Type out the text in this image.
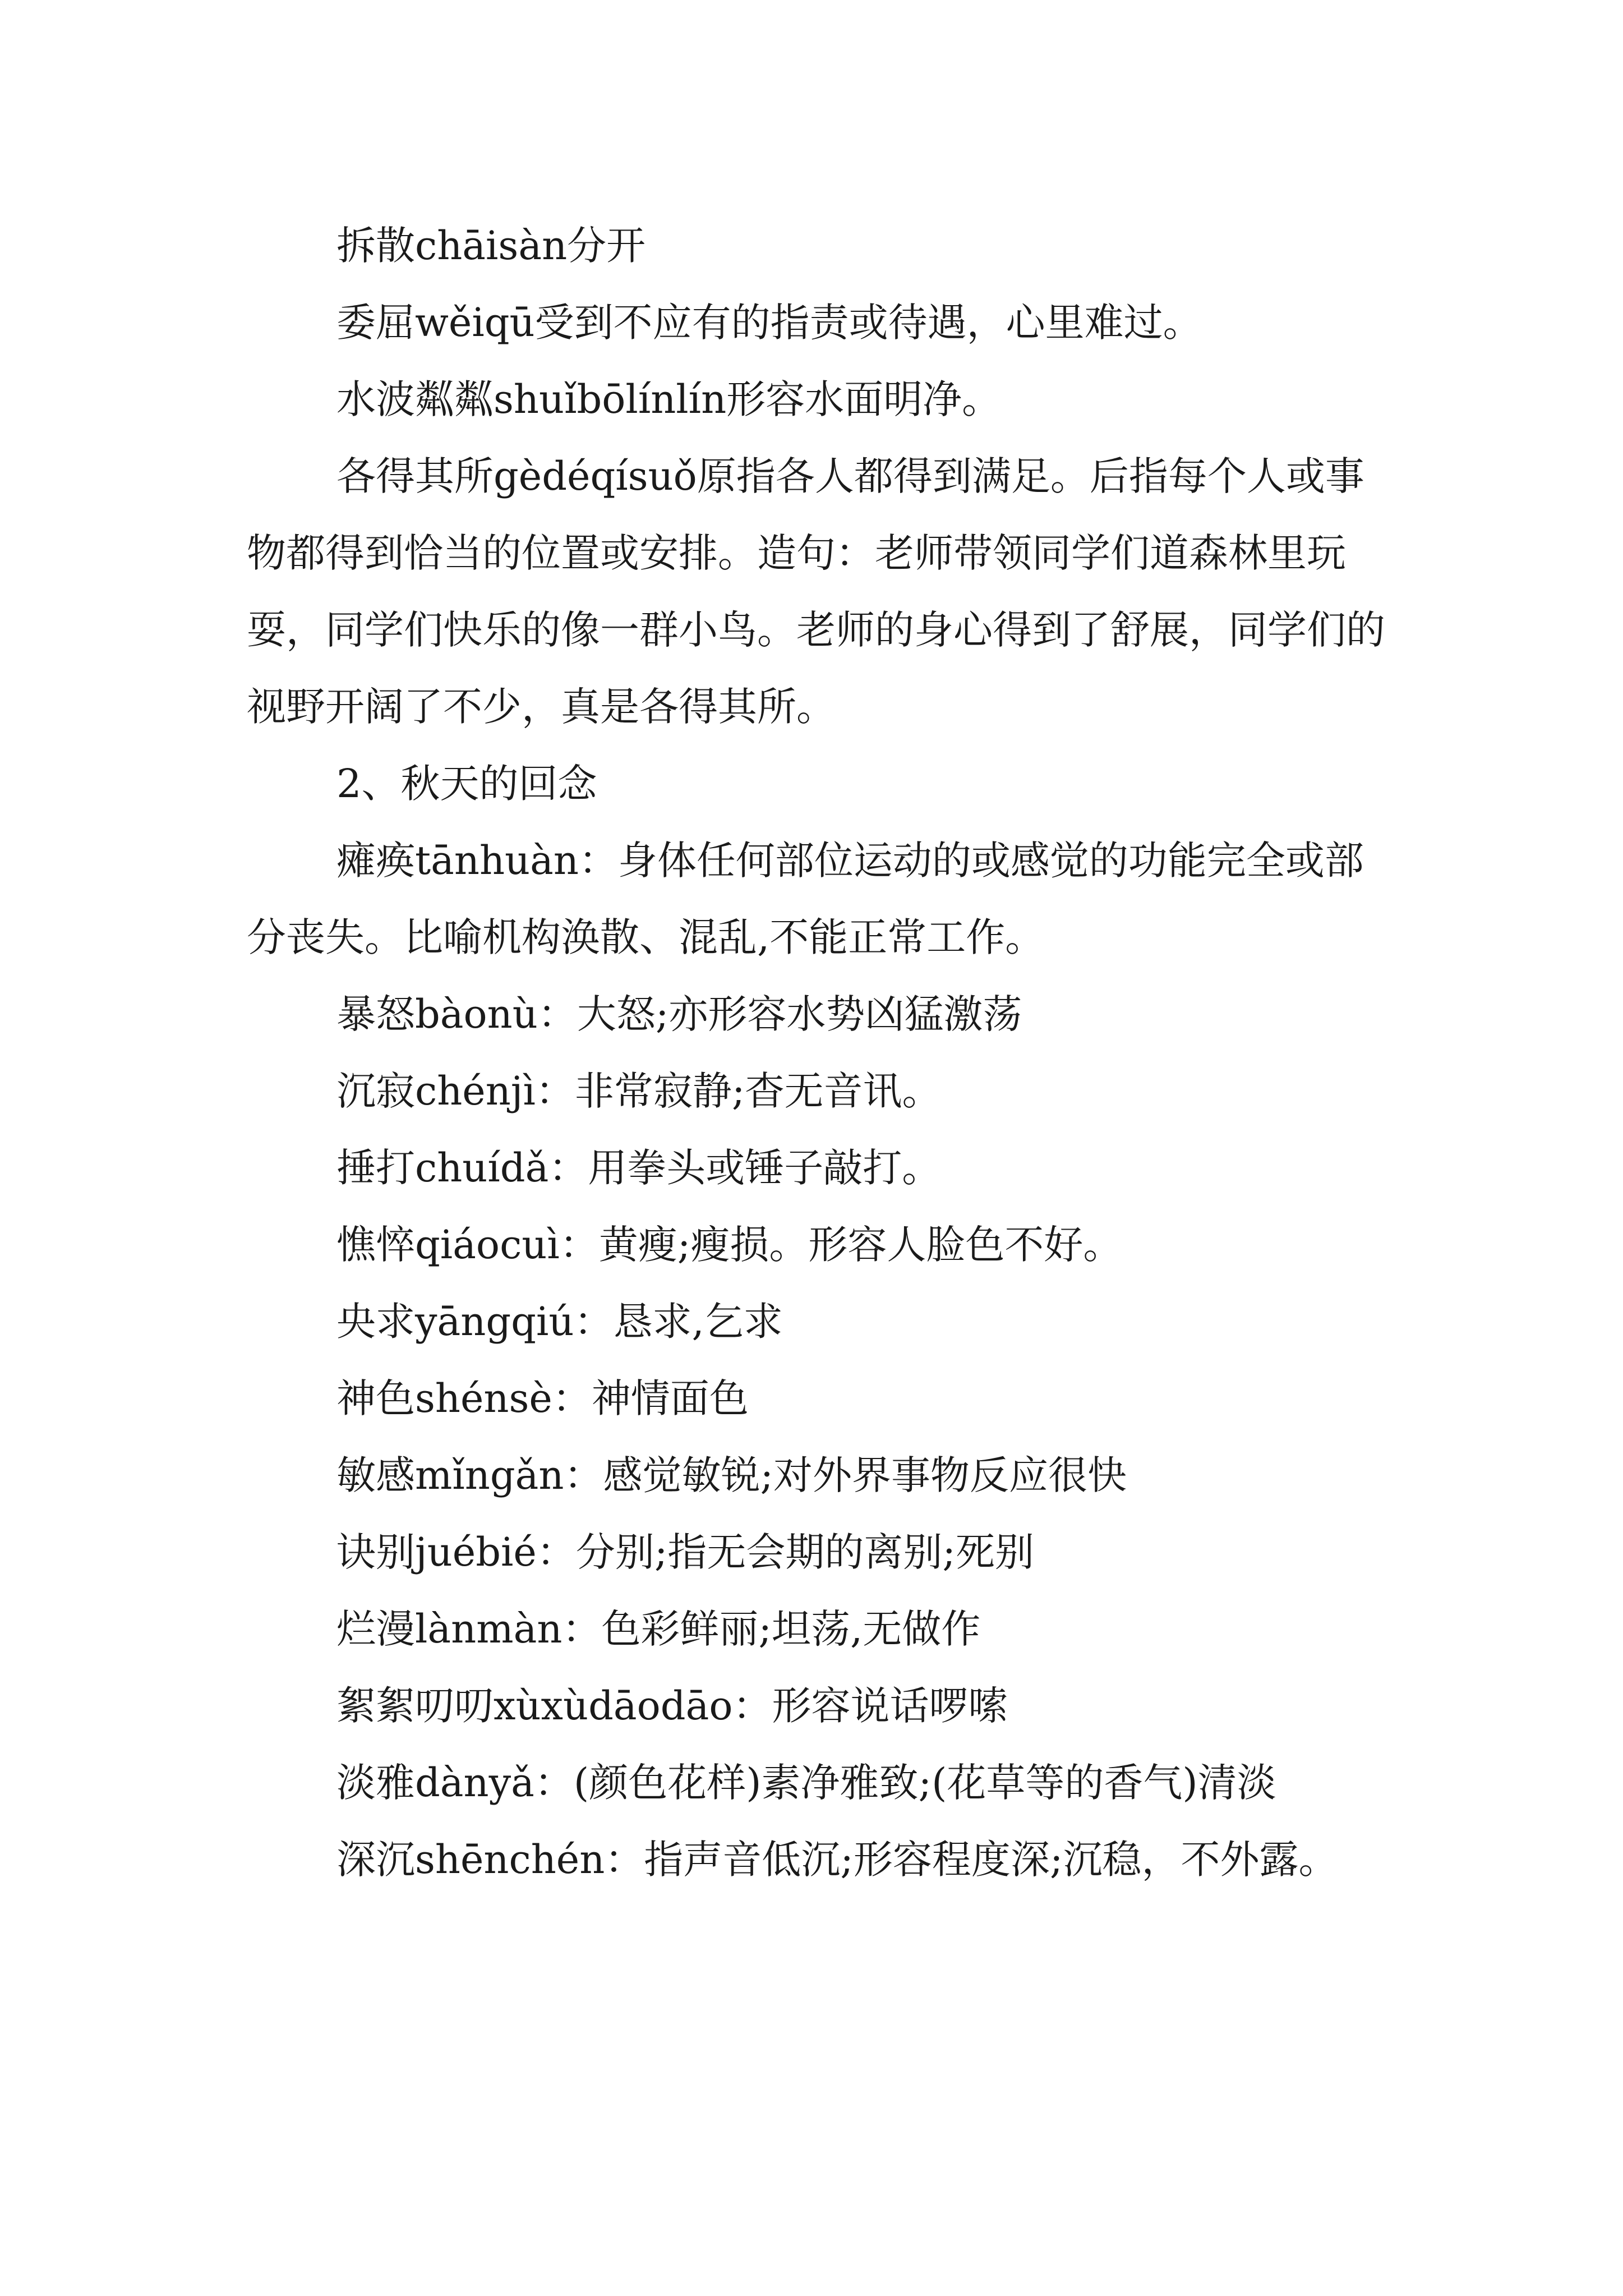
拆散chāisàn分开

委屈wěiqū受到不应有的指责或待遇，心里难过。

水波粼粼shuǐbōlínlín形容水面明净。

各得其所gèdéqísuǒ原指各人都得到满足。后指每个人或事物都得到恰当的位置或安排。造句：老师带领同学们道森林里玩耍，同学们快乐的像一群小鸟。老师的身心得到了舒展，同学们的视野开阔了不少，真是各得其所。

2、秋天的回念

瘫痪tānhuàn：身体任何部位运动的或感觉的功能完全或部分丧失。比喻机构涣散、混乱,不能正常工作。

暴怒bàonù：大怒;亦形容水势凶猛激荡

沉寂chénjì：非常寂静;杳无音讯。

捶打chuídǎ：用拳头或锤子敲打。

憔悴qiáocuì：黄瘦;瘦损。形容人脸色不好。

央求yāngqiú：恳求,乞求

神色shénsè：神情面色

敏感mǐngǎn：感觉敏锐;对外界事物反应很快

诀别juébié：分别;指无会期的离别;死别

烂漫lànmàn：色彩鲜丽;坦荡,无做作

絮絮叨叨xùxùdāodāo：形容说话啰嗦

淡雅dànyǎ：(颜色花样)素净雅致;(花草等的香气)清淡

深沉shēnchén：指声音低沉;形容程度深;沉稳，不外露。
